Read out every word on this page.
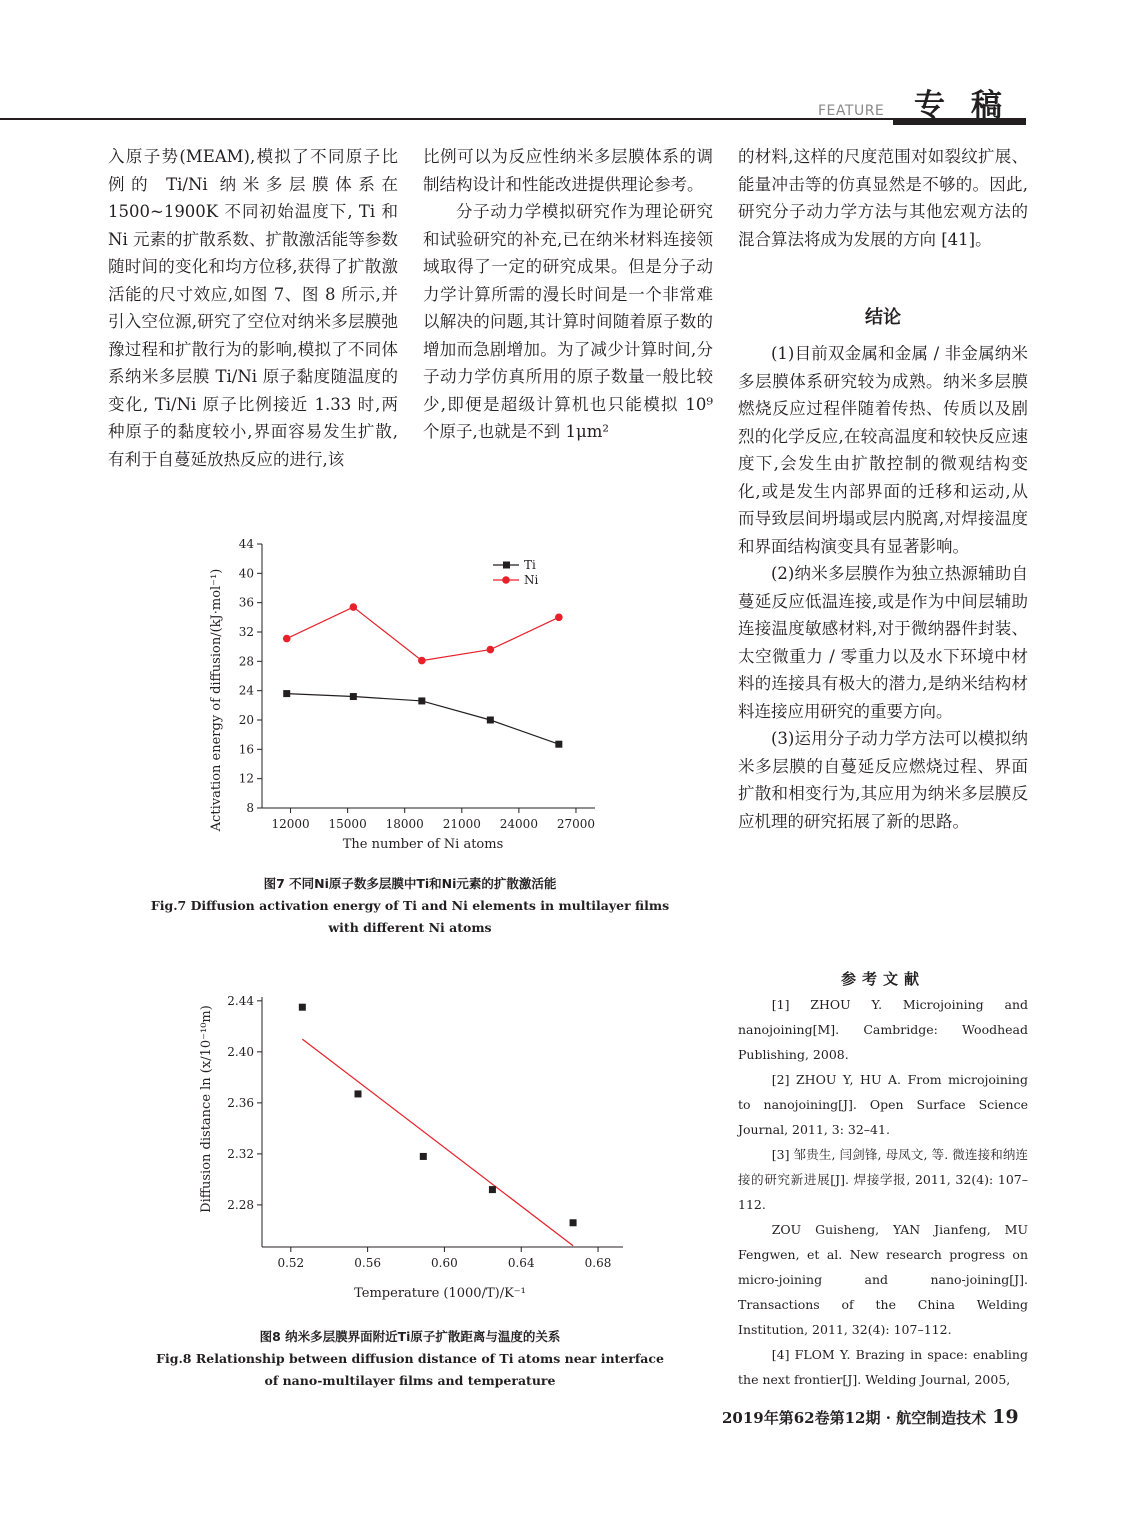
FEATURE 专稿

入原子势(MEAM),模拟了不同原子比例的 Ti/Ni 纳米多层膜体系在 1500~1900K 不同初始温度下, Ti 和 Ni 元素的扩散系数、扩散激活能等参数随时间的变化和均方位移,获得了扩散激活能的尺寸效应,如图 7、图 8 所示,并引入空位源,研究了空位对纳米多层膜弛豫过程和扩散行为的影响,模拟了不同体系纳米多层膜 Ti/Ni 原子黏度随温度的变化, Ti/Ni 原子比例接近 1.33 时,两种原子的黏度较小,界面容易发生扩散,有利于自蔓延放热反应的进行,该

比例可以为反应性纳米多层膜体系的调制结构设计和性能改进提供理论参考。

分子动力学模拟研究作为理论研究和试验研究的补充,已在纳米材料连接领域取得了一定的研究成果。但是分子动力学计算所需的漫长时间是一个非常难以解决的问题,其计算时间随着原子数的增加而急剧增加。为了减少计算时间,分子动力学仿真所用的原子数量一般比较少,即便是超级计算机也只能模拟 10⁹ 个原子,也就是不到 1μm²

的材料,这样的尺度范围对如裂纹扩展、能量冲击等的仿真显然是不够的。因此,研究分子动力学方法与其他宏观方法的混合算法将成为发展的方向 [41]。

结论

(1)目前双金属和金属 / 非金属纳米多层膜体系研究较为成熟。纳米多层膜燃烧反应过程伴随着传热、传质以及剧烈的化学反应,在较高温度和较快反应速度下,会发生由扩散控制的微观结构变化,或是发生内部界面的迁移和运动,从而导致层间坍塌或层内脱离,对焊接温度和界面结构演变具有显著影响。

(2)纳米多层膜作为独立热源辅助自蔓延反应低温连接,或是作为中间层辅助连接温度敏感材料,对于微纳器件封装、太空微重力 / 零重力以及水下环境中材料的连接具有极大的潜力,是纳米结构材料连接应用研究的重要方向。

(3)运用分子动力学方法可以模拟纳米多层膜的自蔓延反应燃烧过程、界面扩散和相变行为,其应用为纳米多层膜反应机理的研究拓展了新的思路。

8
12
16
20
24
28
32
36
40
44
12000 15000 18000 21000 24000 27000
Ti
Ni
The number of Ni atoms
Activation energy of diffusion/(kJ·mol⁻¹)
图7 不同Ni原子数多层膜中Ti和Ni元素的扩散激活能
Fig.7 Diffusion activation energy of Ti and Ni elements in multilayer films with different Ni atoms
2.28
2.32
2.36
2.40
2.44
0.52	0.56	0.60	0.64	0.68
Temperature (1000/T)/K⁻¹
Diffusion distance ln (x/10⁻¹⁰m)
图8 纳米多层膜界面附近Ti原子扩散距离与温度的关系
Fig.8 Relationship between diffusion distance of Ti atoms near interface of nano-multilayer films and temperature
参考文献

[1] ZHOU Y. Microjoining and nanojoining[M]. Cambridge: Woodhead Publishing, 2008.

[2] ZHOU Y, HU A. From microjoining to nanojoining[J]. Open Surface Science Journal, 2011, 3: 32–41.

[3] 邹贵生, 闫剑锋, 母凤文, 等. 微连接和纳连接的研究新进展[J]. 焊接学报, 2011, 32(4): 107–112.

ZOU Guisheng, YAN Jianfeng, MU Fengwen, et al. New research progress on micro-joining and nano-joining[J]. Transactions of the China Welding Institution, 2011, 32(4): 107–112.

[4] FLOM Y. Brazing in space: enabling the next frontier[J]. Welding Journal, 2005,

2019年第62卷第12期 · 航空制造技术 19
